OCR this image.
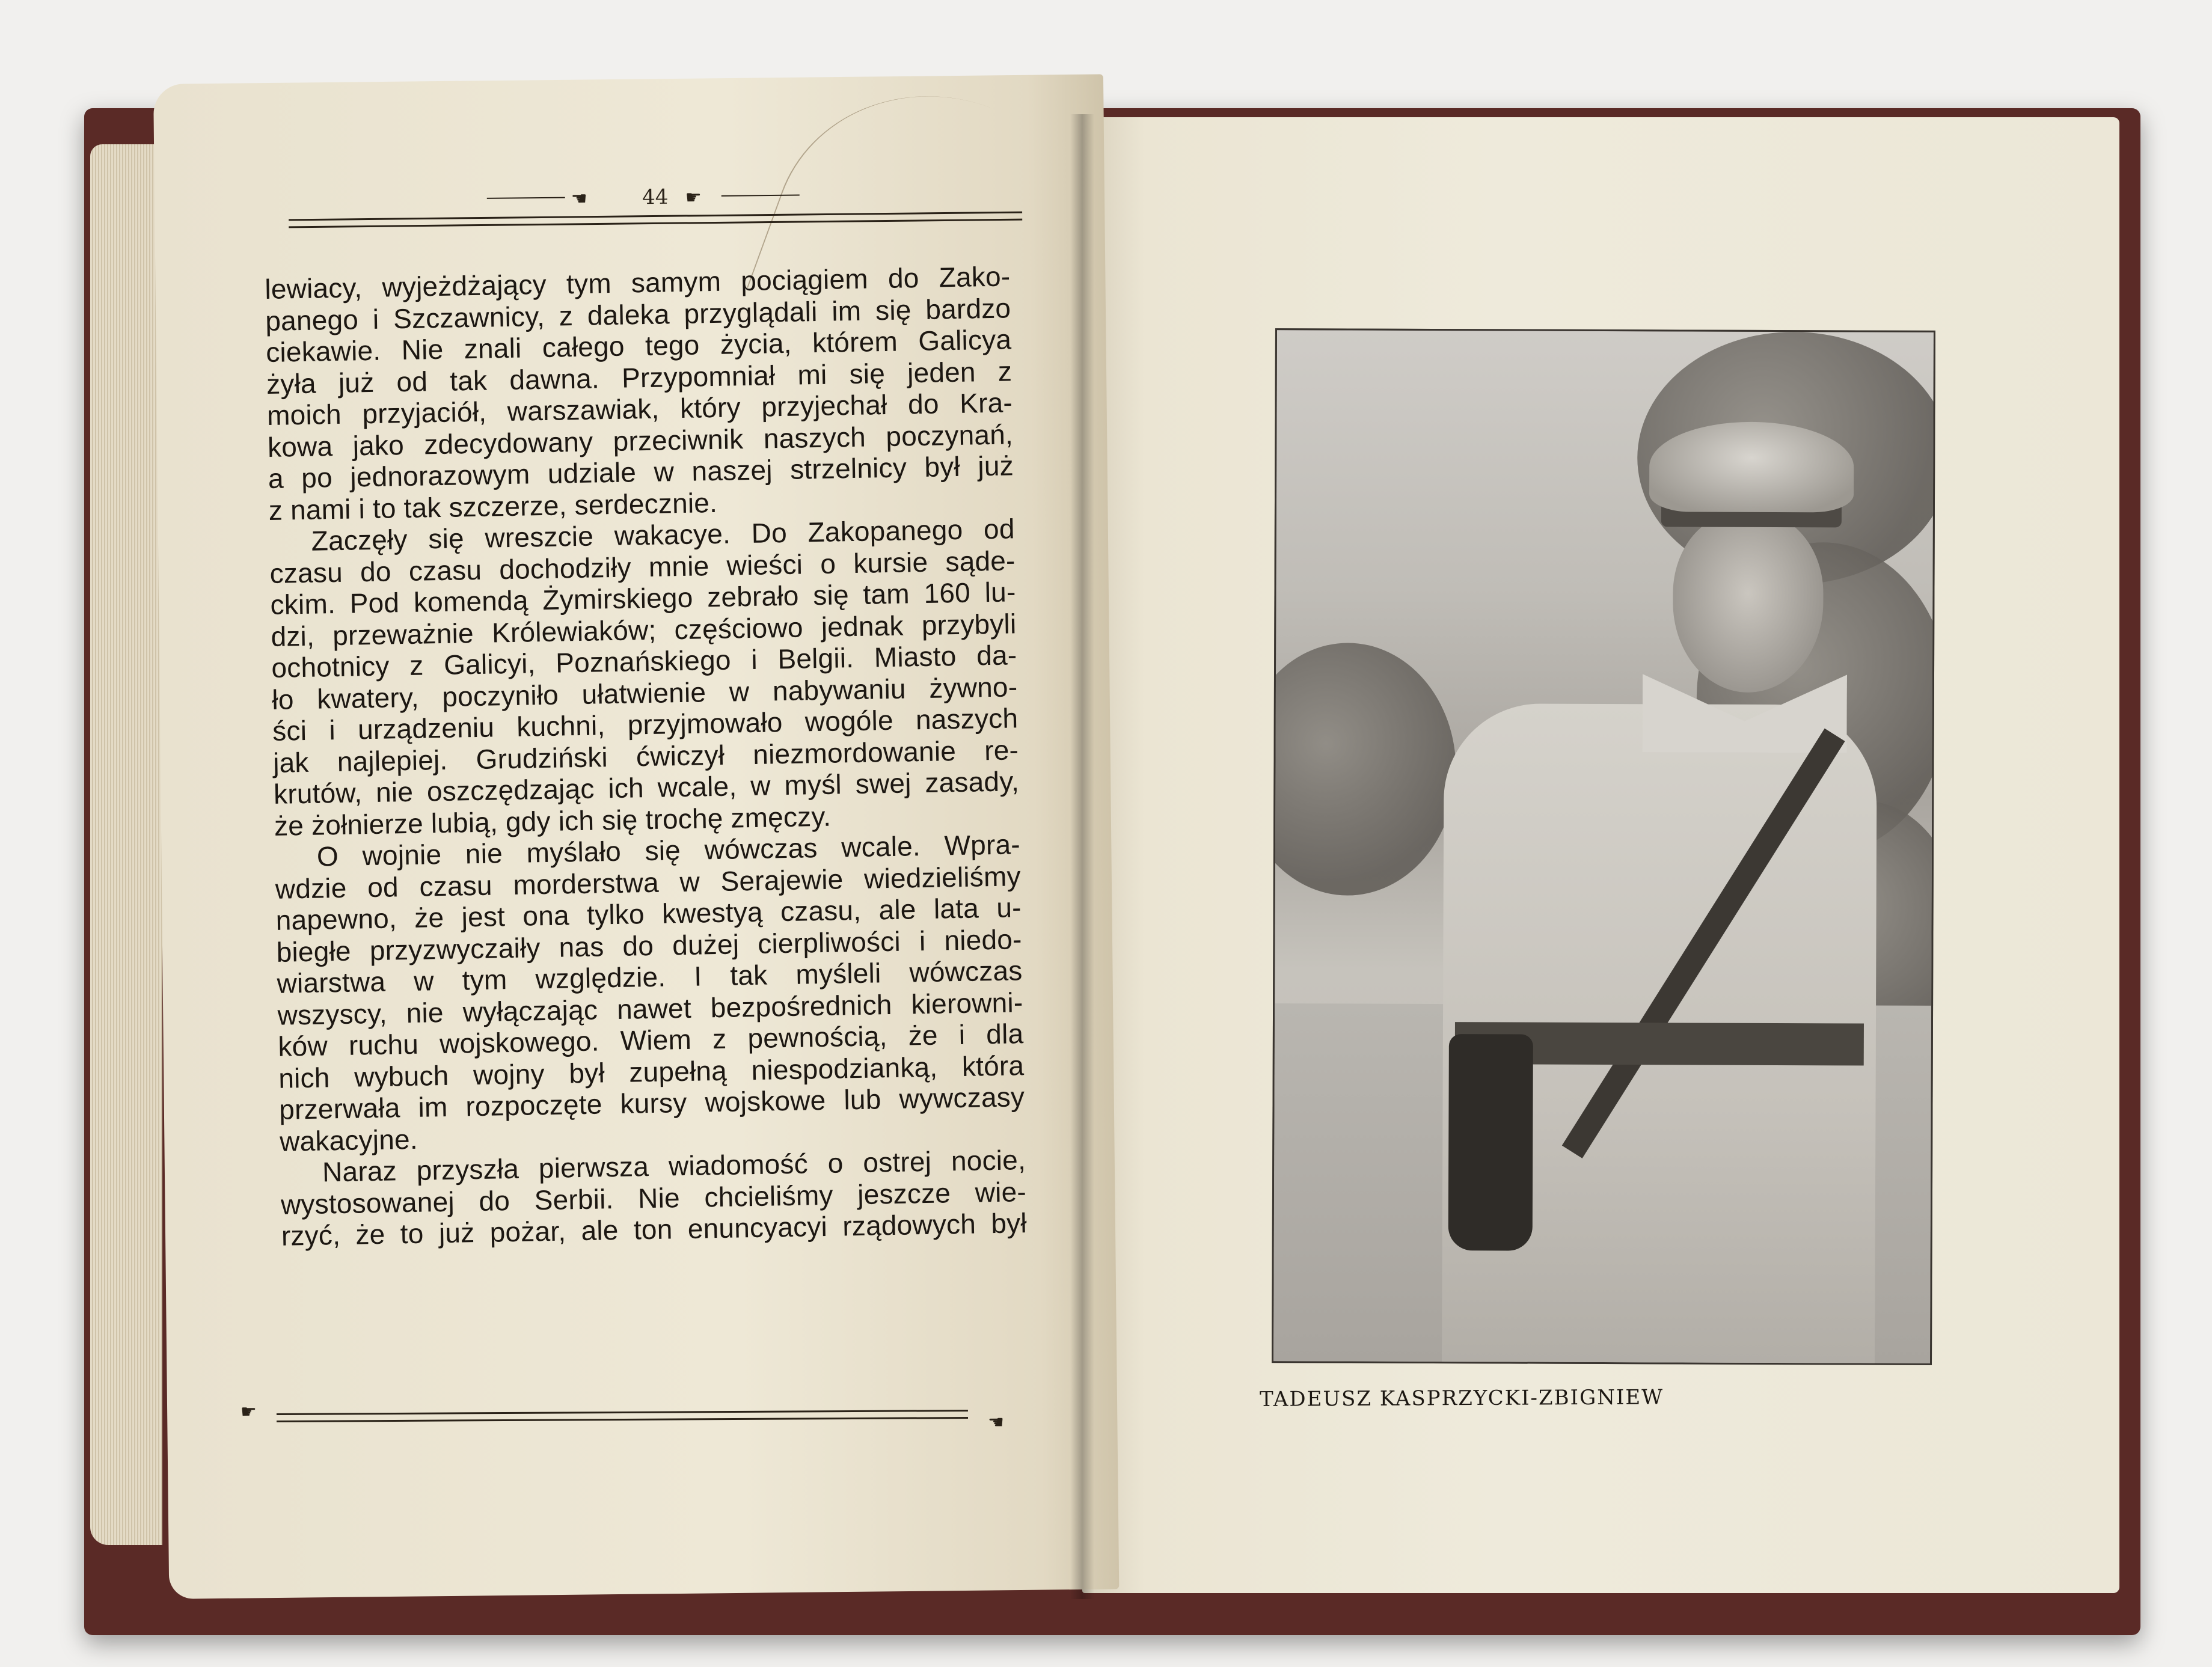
☚	44 ☛
lewiacy, wyjeżdżający tym samym pociągiem do Zako-
panego i Szczawnicy, z daleka przyglądali im się bardzo
ciekawie. Nie znali całego tego życia, którem Galicya
żyła już od tak dawna. Przypomniał mi się jeden z
moich przyjaciół, warszawiak, który przyjechał do Kra-
kowa jako zdecydowany przeciwnik naszych poczynań,
a po jednorazowym udziale w naszej strzelnicy był już
z nami i to tak szczerze, serdecznie.
Zaczęły się wreszcie wakacye. Do Zakopanego od
czasu do czasu dochodziły mnie wieści o kursie sąde-
ckim. Pod komendą Żymirskiego zebrało się tam 160 lu-
dzi, przeważnie Królewiaków; częściowo jednak przybyli
ochotnicy z Galicyi, Poznańskiego i Belgii. Miasto da-
ło kwatery, poczyniło ułatwienie w nabywaniu żywno-
ści i urządzeniu kuchni, przyjmowało wogóle naszych
jak najlepiej. Grudziński ćwiczył niezmordowanie re-
krutów, nie oszczędzając ich wcale, w myśl swej zasady,
że żołnierze lubią, gdy ich się trochę zmęczy.
O wojnie nie myślało się wówczas wcale. Wpra-
wdzie od czasu morderstwa w Serajewie wiedzieliśmy
napewno, że jest ona tylko kwestyą czasu, ale lata u-
biegłe przyzwyczaiły nas do dużej cierpliwości i niedo-
wiarstwa w tym względzie. I tak myśleli wówczas
wszyscy, nie wyłączając nawet bezpośrednich kierowni-
ków ruchu wojskowego. Wiem z pewnością, że i dla
nich wybuch wojny był zupełną niespodzianką, która
przerwała im rozpoczęte kursy wojskowe lub wywczasy
wakacyjne.
Naraz przyszła pierwsza wiadomość o ostrej nocie,
wystosowanej do Serbii. Nie chcieliśmy jeszcze wie-
rzyć, że to już pożar, ale ton enuncyacyi rządowych był
☛	☚
TADEUSZ KASPRZYCKI-ZBIGNIEW
